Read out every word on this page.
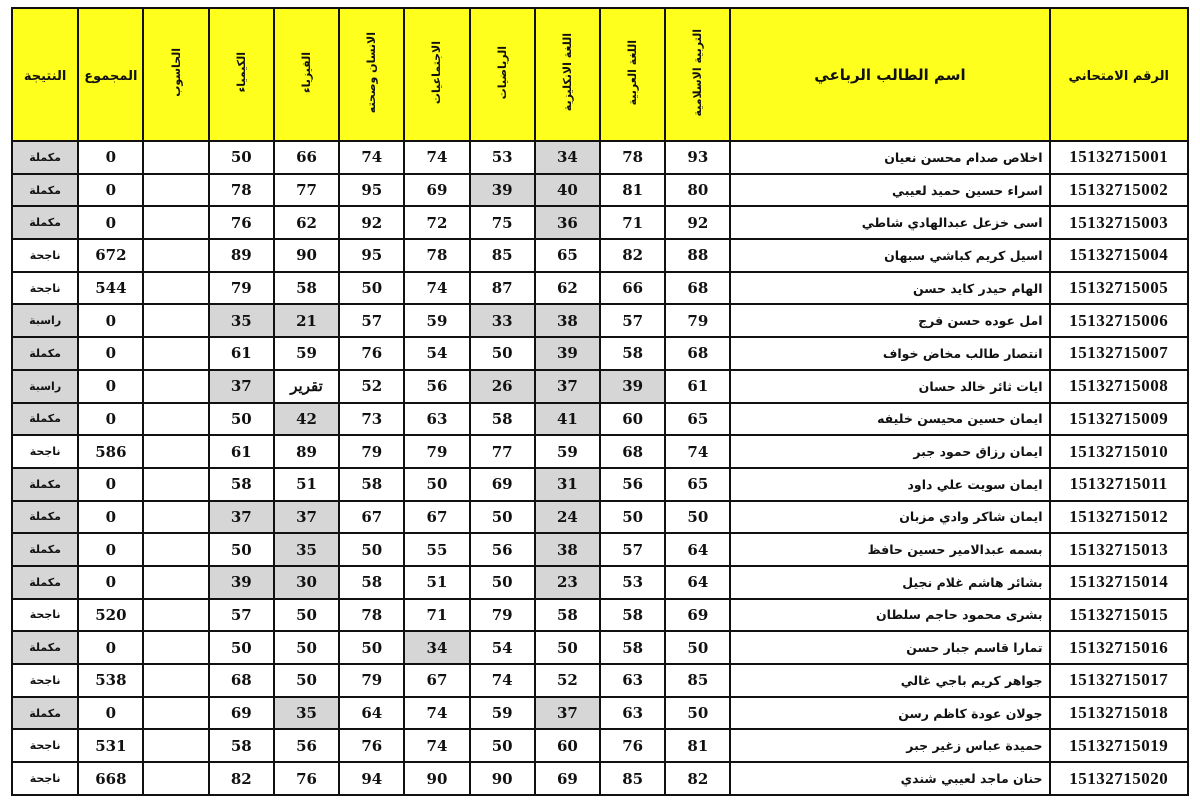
الرقم الامتحاني	اسم الطالب الرباعي	التربية الاسلامية	اللغة العربية	اللغة الانكليزية	الرياضيات	الاجتماعيات	الانسان وصحته	الفيزياء	الكيمياء	الحاسوب	المجموع	النتيجة
15132715001	اخلاص صدام محسن نعيان	93	78	34	53	74	74	66	50		0	مكملة
15132715002	اسراء حسين حميد لعيبي	80	81	40	39	69	95	77	78		0	مكملة
15132715003	اسى خزعل عبدالهادي شاطي	92	71	36	75	72	92	62	76		0	مكملة
15132715004	اسيل كريم كباشي سبهان	88	82	65	85	78	95	90	89		672	ناجحة
15132715005	الهام حيدر كايد حسن	68	66	62	87	74	50	58	79		544	ناجحة
15132715006	امل عوده حسن فرج	79	57	38	33	59	57	21	35		0	راسبة
15132715007	انتصار طالب مخاض خواف	68	58	39	50	54	76	59	61		0	مكملة
15132715008	ايات ثائر خالد حسان	61	39	37	26	56	52	تقرير	37		0	راسبة
15132715009	ايمان حسين محيسن خليفه	65	60	41	58	63	73	42	50		0	مكملة
15132715010	ايمان رزاق حمود جبر	74	68	59	77	79	79	89	61		586	ناجحة
15132715011	ايمان سويت علي داود	65	56	31	69	50	58	51	58		0	مكملة
15132715012	ايمان شاكر وادي مزبان	50	50	24	50	67	67	37	37		0	مكملة
15132715013	بسمه عبدالامير حسين حافظ	64	57	38	56	55	50	35	50		0	مكملة
15132715014	بشائر هاشم غلام نجيل	64	53	23	50	51	58	30	39		0	مكملة
15132715015	بشرى محمود حاجم سلطان	69	58	58	79	71	78	50	57		520	ناجحة
15132715016	تمارا قاسم جبار حسن	50	58	50	54	34	50	50	50		0	مكملة
15132715017	جواهر كريم باجي غالي	85	63	52	74	67	79	50	68		538	ناجحة
15132715018	جولان عودة كاظم رسن	50	63	37	59	74	64	35	69		0	مكملة
15132715019	حميدة عباس زغير جبر	81	76	60	50	74	76	56	58		531	ناجحة
15132715020	حنان ماجد لعيبي شندي	82	85	69	90	90	94	76	82		668	ناجحة
